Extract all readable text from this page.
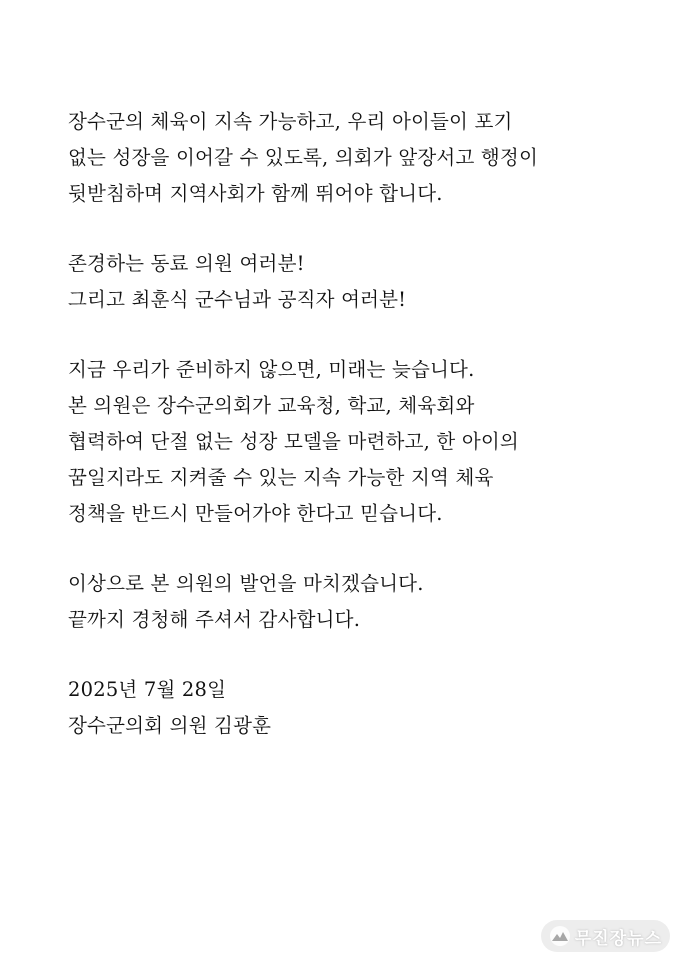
장수군의 체육이 지속 가능하고, 우리 아이들이 포기
없는 성장을 이어갈 수 있도록, 의회가 앞장서고 행정이
뒷받침하며 지역사회가 함께 뛰어야 합니다.

존경하는 동료 의원 여러분!
그리고 최훈식 군수님과 공직자 여러분!

지금 우리가 준비하지 않으면, 미래는 늦습니다.
본 의원은 장수군의회가 교육청, 학교, 체육회와
협력하여 단절 없는 성장 모델을 마련하고, 한 아이의
꿈일지라도 지켜줄 수 있는 지속 가능한 지역 체육
정책을 반드시 만들어가야 한다고 믿습니다.

이상으로 본 의원의 발언을 마치겠습니다.
끝까지 경청해 주셔서 감사합니다.

2025년 7월 28일
장수군의회 의원 김광훈

무진장뉴스
